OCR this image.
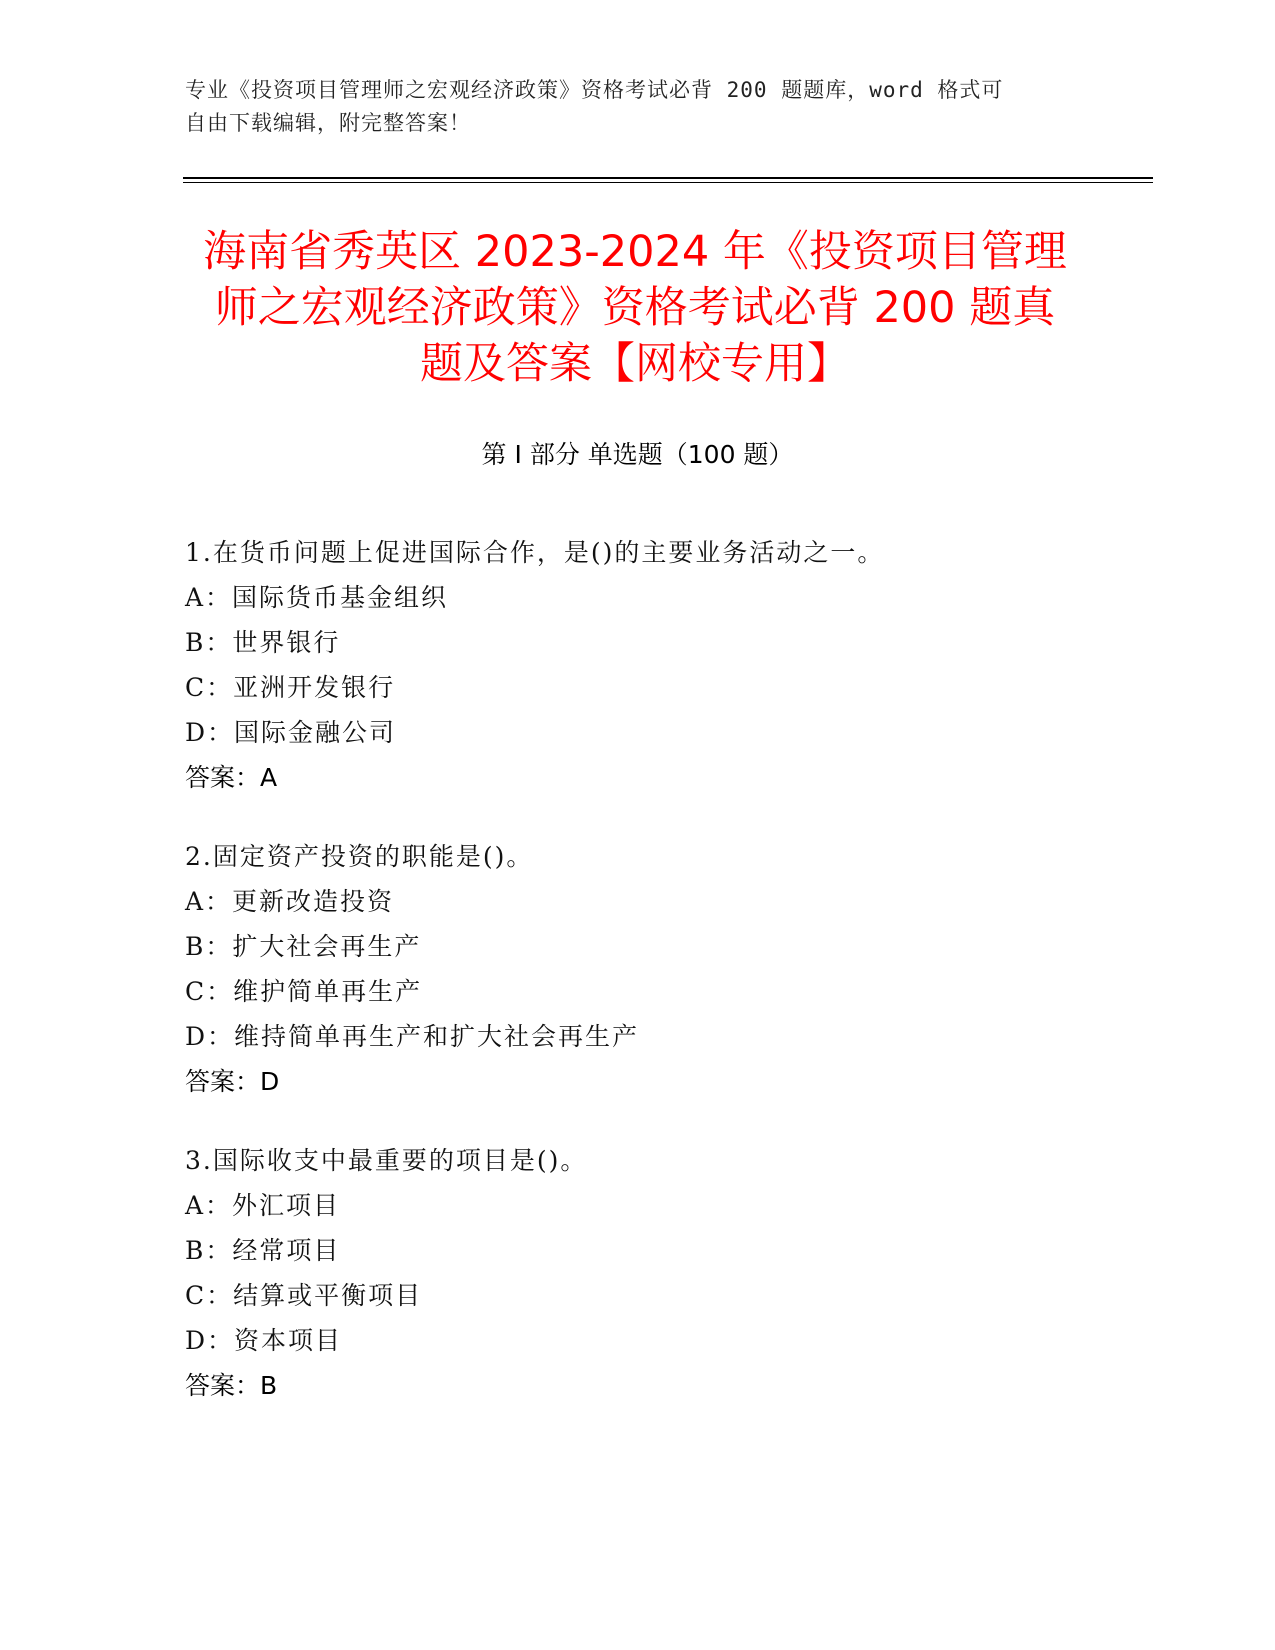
专业《投资项目管理师之宏观经济政策》资格考试必背 200 题题库，word 格式可
自由下载编辑，附完整答案！
海南省秀英区 2023-2024 年《投资项目管理
师之宏观经济政策》资格考试必背 200 题真
题及答案【网校专用】
第 I 部分 单选题（100 题）
1.在货币问题上促进国际合作，是()的主要业务活动之一。
A：国际货币基金组织
B：世界银行
C：亚洲开发银行
D：国际金融公司
答案：A
2.固定资产投资的职能是()。
A：更新改造投资
B：扩大社会再生产
C：维护简单再生产
D：维持简单再生产和扩大社会再生产
答案：D
3.国际收支中最重要的项目是()。
A：外汇项目
B：经常项目
C：结算或平衡项目
D：资本项目
答案：B
